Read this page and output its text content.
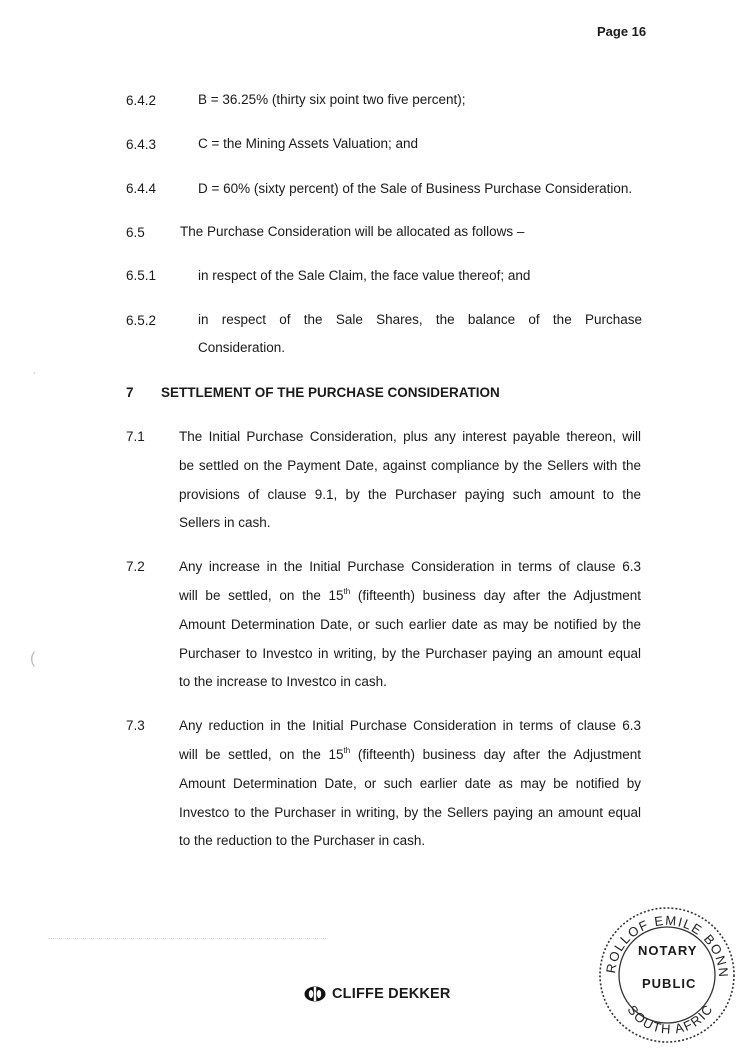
Page 16
6.4.2	B = 36.25% (thirty six point two five percent);
6.4.3	C = the Mining Assets Valuation; and
6.4.4	D = 60% (sixty percent) of the Sale of Business Purchase Consideration.
6.5	The Purchase Consideration will be allocated as follows –
6.5.1	in respect of the Sale Claim, the face value thereof; and
6.5.2	in respect of the Sale Shares, the balance of the Purchase
Consideration.
7 SETTLEMENT OF THE PURCHASE CONSIDERATION
7.1	The Initial Purchase Consideration, plus any interest payable thereon, will
be settled on the Payment Date, against compliance by the Sellers with the
provisions of clause 9.1, by the Purchaser paying such amount to the
Sellers in cash.
7.2	Any increase in the Initial Purchase Consideration in terms of clause 6.3
will be settled, on the 15th (fifteenth) business day after the Adjustment
Amount Determination Date, or such earlier date as may be notified by the
Purchaser to Investco in writing, by the Purchaser paying an amount equal
to the increase to Investco in cash.
7.3	Any reduction in the Initial Purchase Consideration in terms of clause 6.3
will be settled, on the 15th (fifteenth) business day after the Adjustment
Amount Determination Date, or such earlier date as may be notified by
Investco to the Purchaser in writing, by the Sellers paying an amount equal
to the reduction to the Purchaser in cash.
‚
(
CLIFFE DEKKER
ROLLOF EMILE BONN
SOUTH AFRIC
NOTARY
PUBLIC
